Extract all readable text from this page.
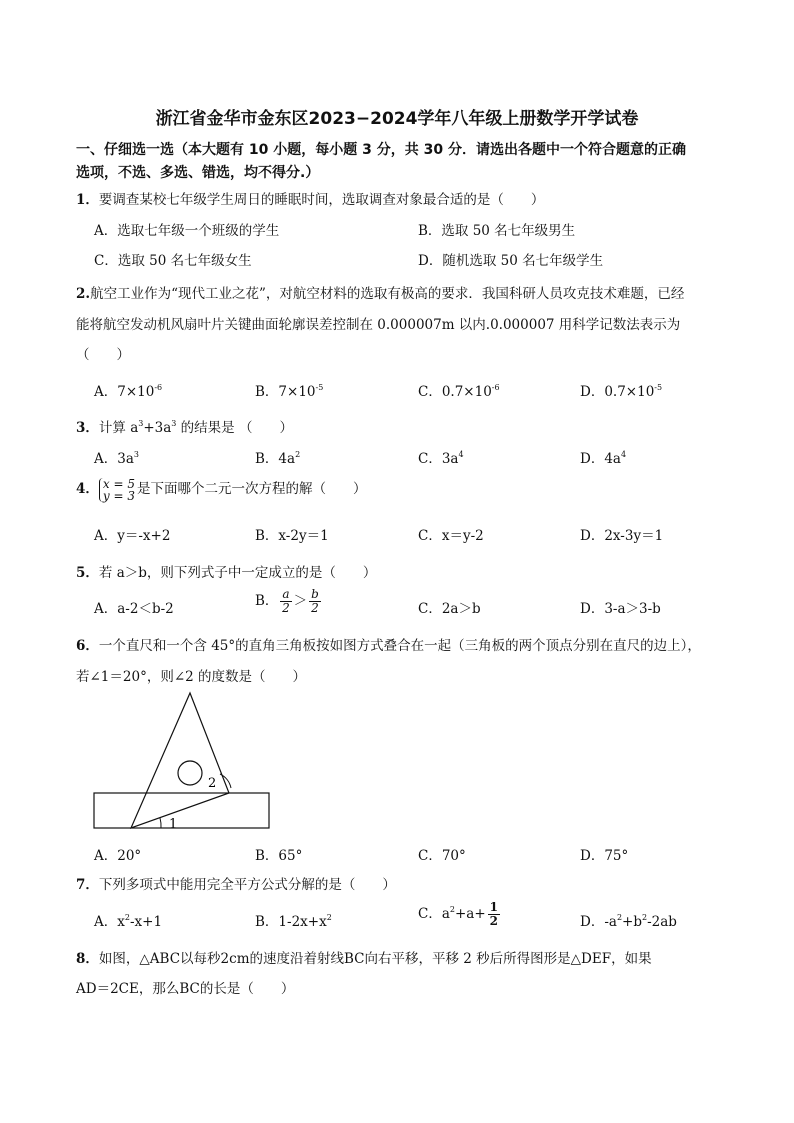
浙江省金华市金东区2023−2024学年八年级上册数学开学试卷
一、仔细选一选（本大题有 10 小题，每小题 3 分，共 30 分．请选出各题中一个符合题意的正确
选项，不选、多选、错选，均不得分.）
1．要调查某校七年级学生周日的睡眠时间，选取调查对象最合适的是（　　）
A．选取七年级一个班级的学生	B．选取 50 名七年级男生
C．选取 50 名七年级女生	D．随机选取 50 名七年级学生
2.航空工业作为“现代工业之花”，对航空材料的选取有极高的要求．我国科研人员攻克技术难题，已经
能将航空发动机风扇叶片关键曲面轮廓误差控制在 0.000007m 以内.0.000007 用科学记数法表示为
（　　）
A．$7\times 10^{-6}$	B．$7\times 10^{-5}$	C．$0.7\times 10^{-6}$	D．$0.7\times 10^{-5}$
3．计算 $a^3+3a^3$ 的结果是 （　　）
A．$3a^3$	B．$4a^2$	C．$3a^4$	D．$4a^4$
4． x = 5
y = 3 是下面哪个二元一次方程的解（　　）
A．y＝-x+2	B．x-2y＝1	C．x＝y-2	D．2x-3y＝1
5．若 a＞b，则下列式子中一定成立的是（　　）
A．a-2＜b-2	B． $\frac{a}{2} > \frac{b}{2}$	C．2a＞b	D．3-a＞3-b
6．一个直尺和一个含 45°的直角三角板按如图方式叠合在一起（三角板的两个顶点分别在直尺的边上），
若∠1＝20°，则∠2 的度数是（　　）
1
2
A．20°	B．65°	C．70°	D．75°
7．下列多项式中能用完全平方公式分解的是（　　）
A．$x^2-x+1$	B．$1-2x+x^2$	C．$a^2+a+ \frac{1}{2}$	D．$-a^2+b^2-2ab$
8．如图，△ABC以每秒2cm的速度沿着射线BC向右平移，平移 2 秒后所得图形是△DEF，如果
AD＝2CE，那么BC的长是（　　）
